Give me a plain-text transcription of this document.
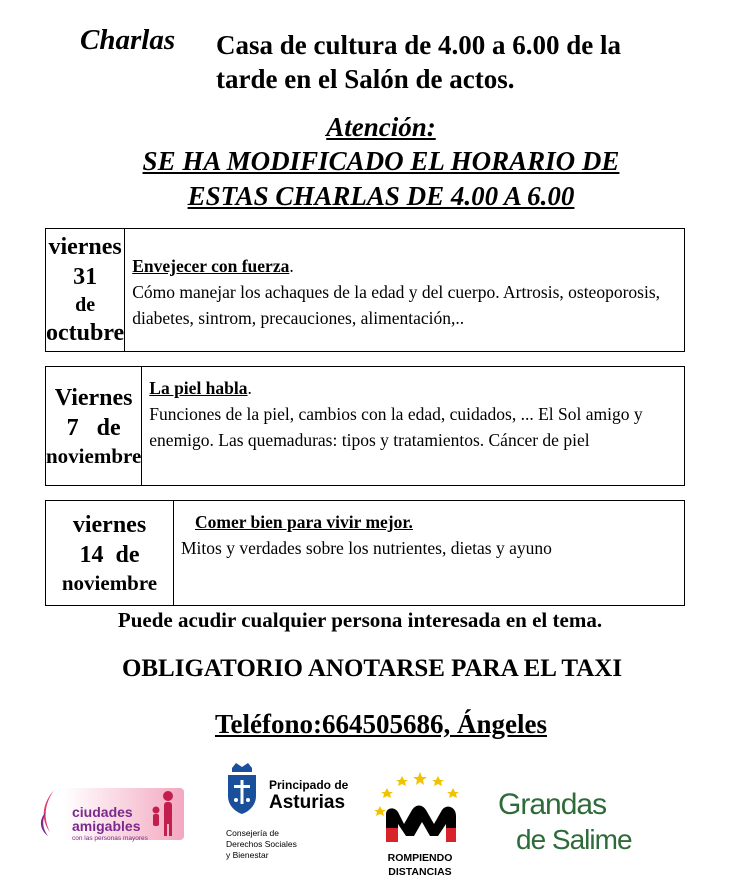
Charlas Casa de cultura de 4.00 a 6.00 de la
tarde en el Salón de actos.
Atención:
SE HA MODIFICADO EL HORARIO DE
ESTAS CHARLAS DE 4.00 A 6.00
viernes
31
de
octubre
Envejecer con fuerza.
Cómo manejar los achaques de la edad y del cuerpo. Artrosis, osteoporosis, diabetes, sintrom, precauciones, alimentación,..
Viernes
7   de
noviembre
La piel habla.
Funciones de la piel, cambios con la edad, cuidados, ... El Sol amigo y enemigo. Las quemaduras: tipos y tratamientos. Cáncer de piel
viernes
14  de
noviembre
Comer bien para vivir mejor.
Mitos y verdades sobre los nutrientes, dietas y ayuno
Puede acudir cualquier persona interesada en el tema.
OBLIGATORIO ANOTARSE PARA EL TAXI
Teléfono:664505686, Ángeles
ciudades
amigables
con las personas mayores
Principado de
Asturias
Consejería de
Derechos Sociales
y Bienestar	ROMPIENDO
DISTANCIAS
Grandas
de Salime
